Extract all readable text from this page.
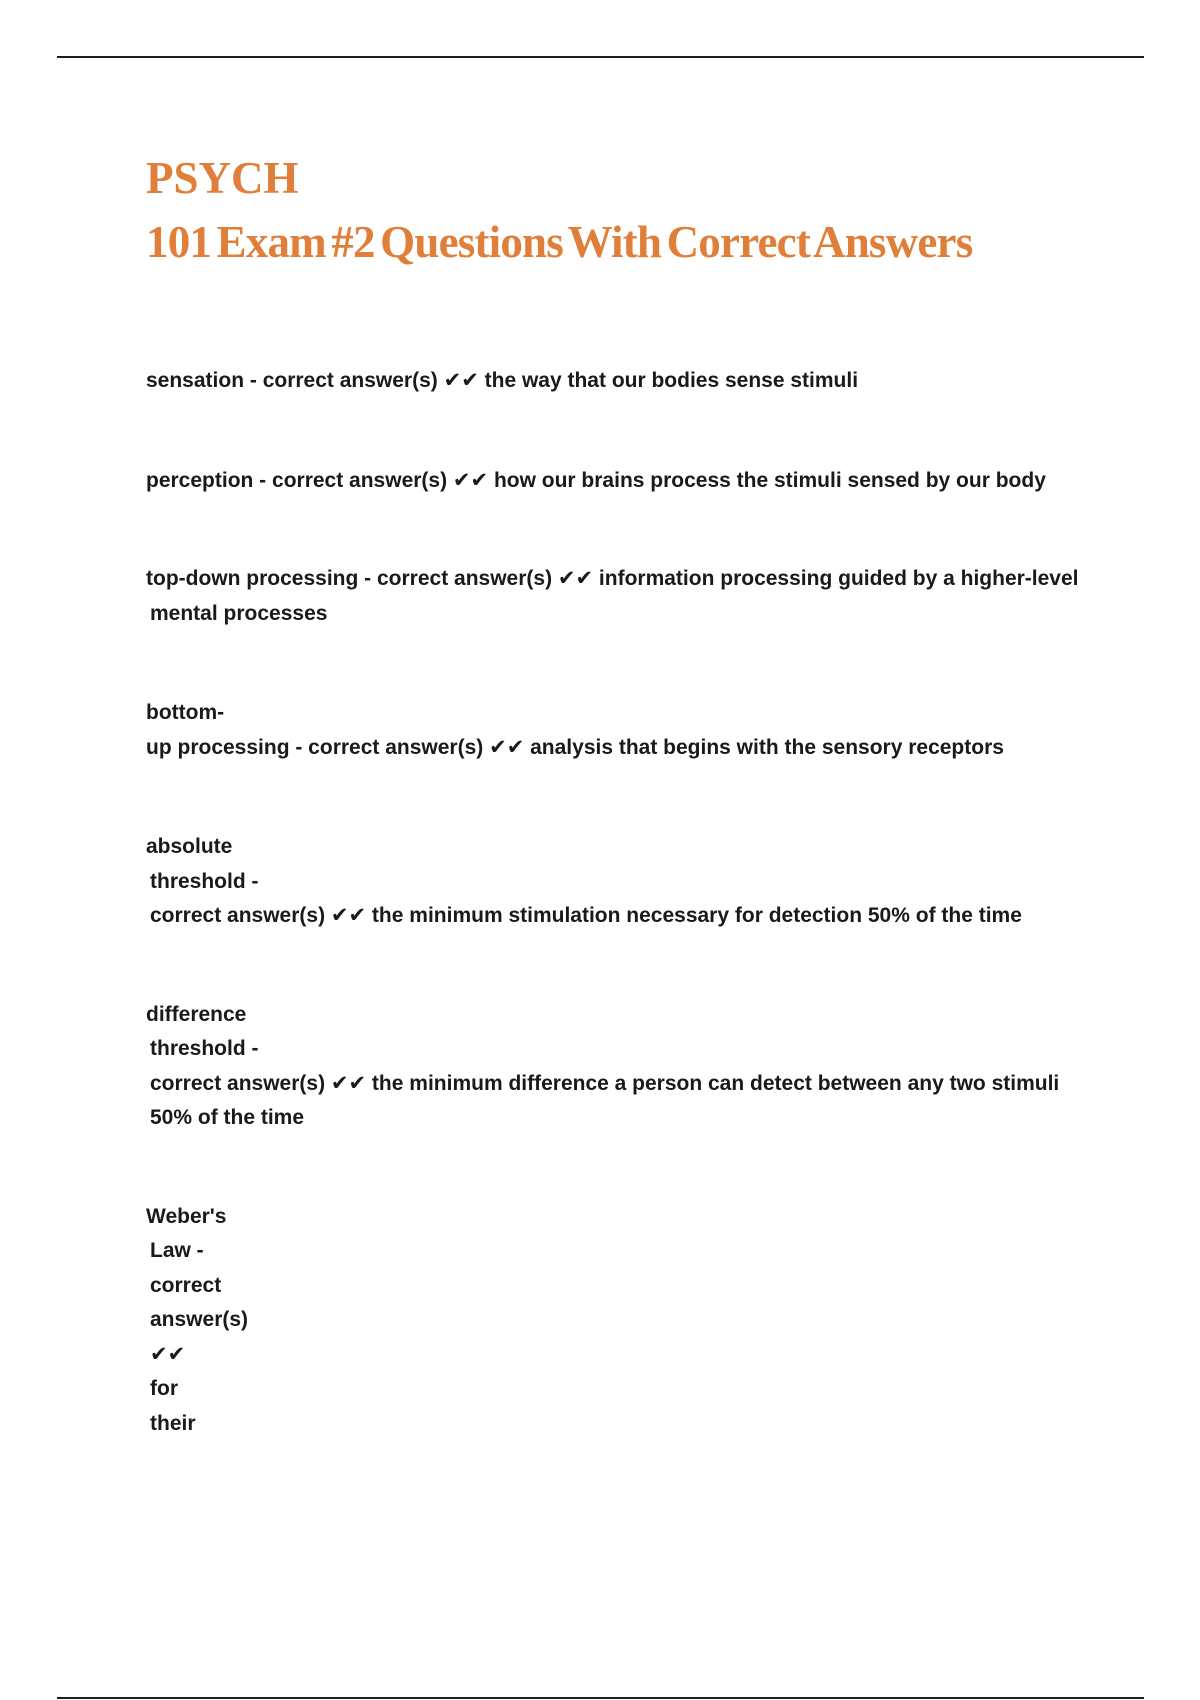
PSYCH
101 Exam #2 Questions With Correct Answers
sensation - correct answer(s) ✔✔ the way that our bodies sense stimuli
perception - correct answer(s) ✔✔ how our brains process the stimuli sensed by our body
top-down processing - correct answer(s) ✔✔ information processing guided by a higher-level
mental processes
bottom-
up processing - correct answer(s) ✔✔ analysis that begins with the sensory receptors
absolute
threshold -
correct answer(s) ✔✔ the minimum stimulation necessary for detection 50% of the time
difference
threshold -
correct answer(s) ✔✔ the minimum difference a person can detect between any two stimuli
50% of the time
Weber's
Law -
correct
answer(s)
✔✔
for
their
